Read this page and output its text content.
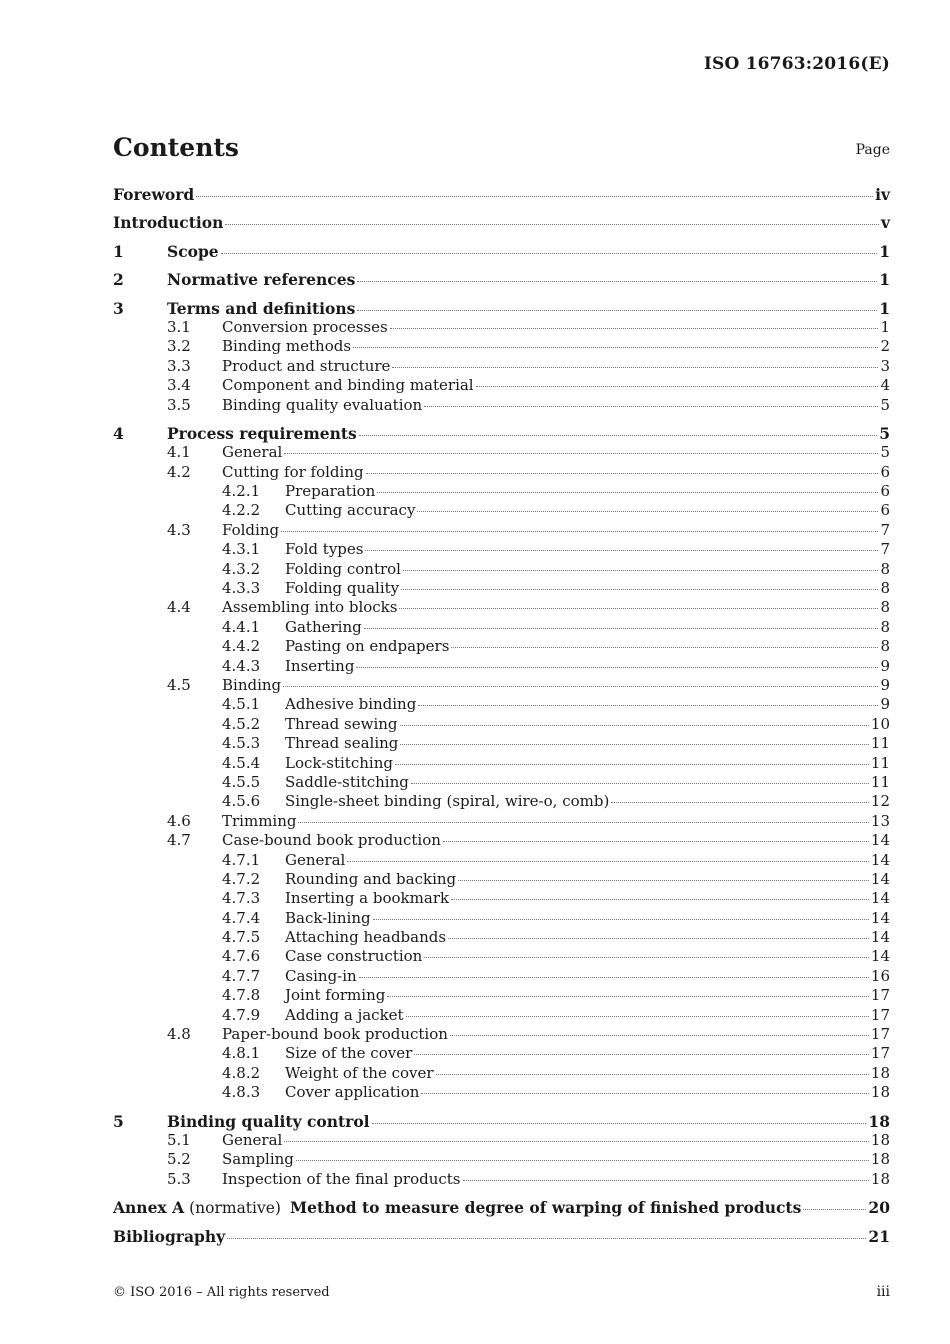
ISO 16763:2016(E)
Contents	Page
Foreword	iv
Introduction	v
1	Scope	1
2	Normative references	1
3	Terms and definitions	1
3.1	Conversion processes	1
3.2	Binding methods	2
3.3	Product and structure	3
3.4	Component and binding material	4
3.5	Binding quality evaluation	5
4	Process requirements	5
4.1	General	5
4.2	Cutting for folding	6
4.2.1	Preparation	6
4.2.2	Cutting accuracy	6
4.3	Folding	7
4.3.1	Fold types	7
4.3.2	Folding control	8
4.3.3	Folding quality	8
4.4	Assembling into blocks	8
4.4.1	Gathering	8
4.4.2	Pasting on endpapers	8
4.4.3	Inserting	9
4.5	Binding	9
4.5.1	Adhesive binding	9
4.5.2	Thread sewing	10
4.5.3	Thread sealing	11
4.5.4	Lock-stitching	11
4.5.5	Saddle-stitching	11
4.5.6	Single-sheet binding (spiral, wire-o, comb)	12
4.6	Trimming	13
4.7	Case-bound book production	14
4.7.1	General	14
4.7.2	Rounding and backing	14
4.7.3	Inserting a bookmark	14
4.7.4	Back-lining	14
4.7.5	Attaching headbands	14
4.7.6	Case construction	14
4.7.7	Casing-in	16
4.7.8	Joint forming	17
4.7.9	Adding a jacket	17
4.8	Paper-bound book production	17
4.8.1	Size of the cover	17
4.8.2	Weight of the cover	18
4.8.3	Cover application	18
5	Binding quality control	18
5.1	General	18
5.2	Sampling	18
5.3	Inspection of the final products	18
Annex A (normative) Method to measure degree of warping of finished products	20
Bibliography	21
© ISO 2016 – All rights reserved	iii
